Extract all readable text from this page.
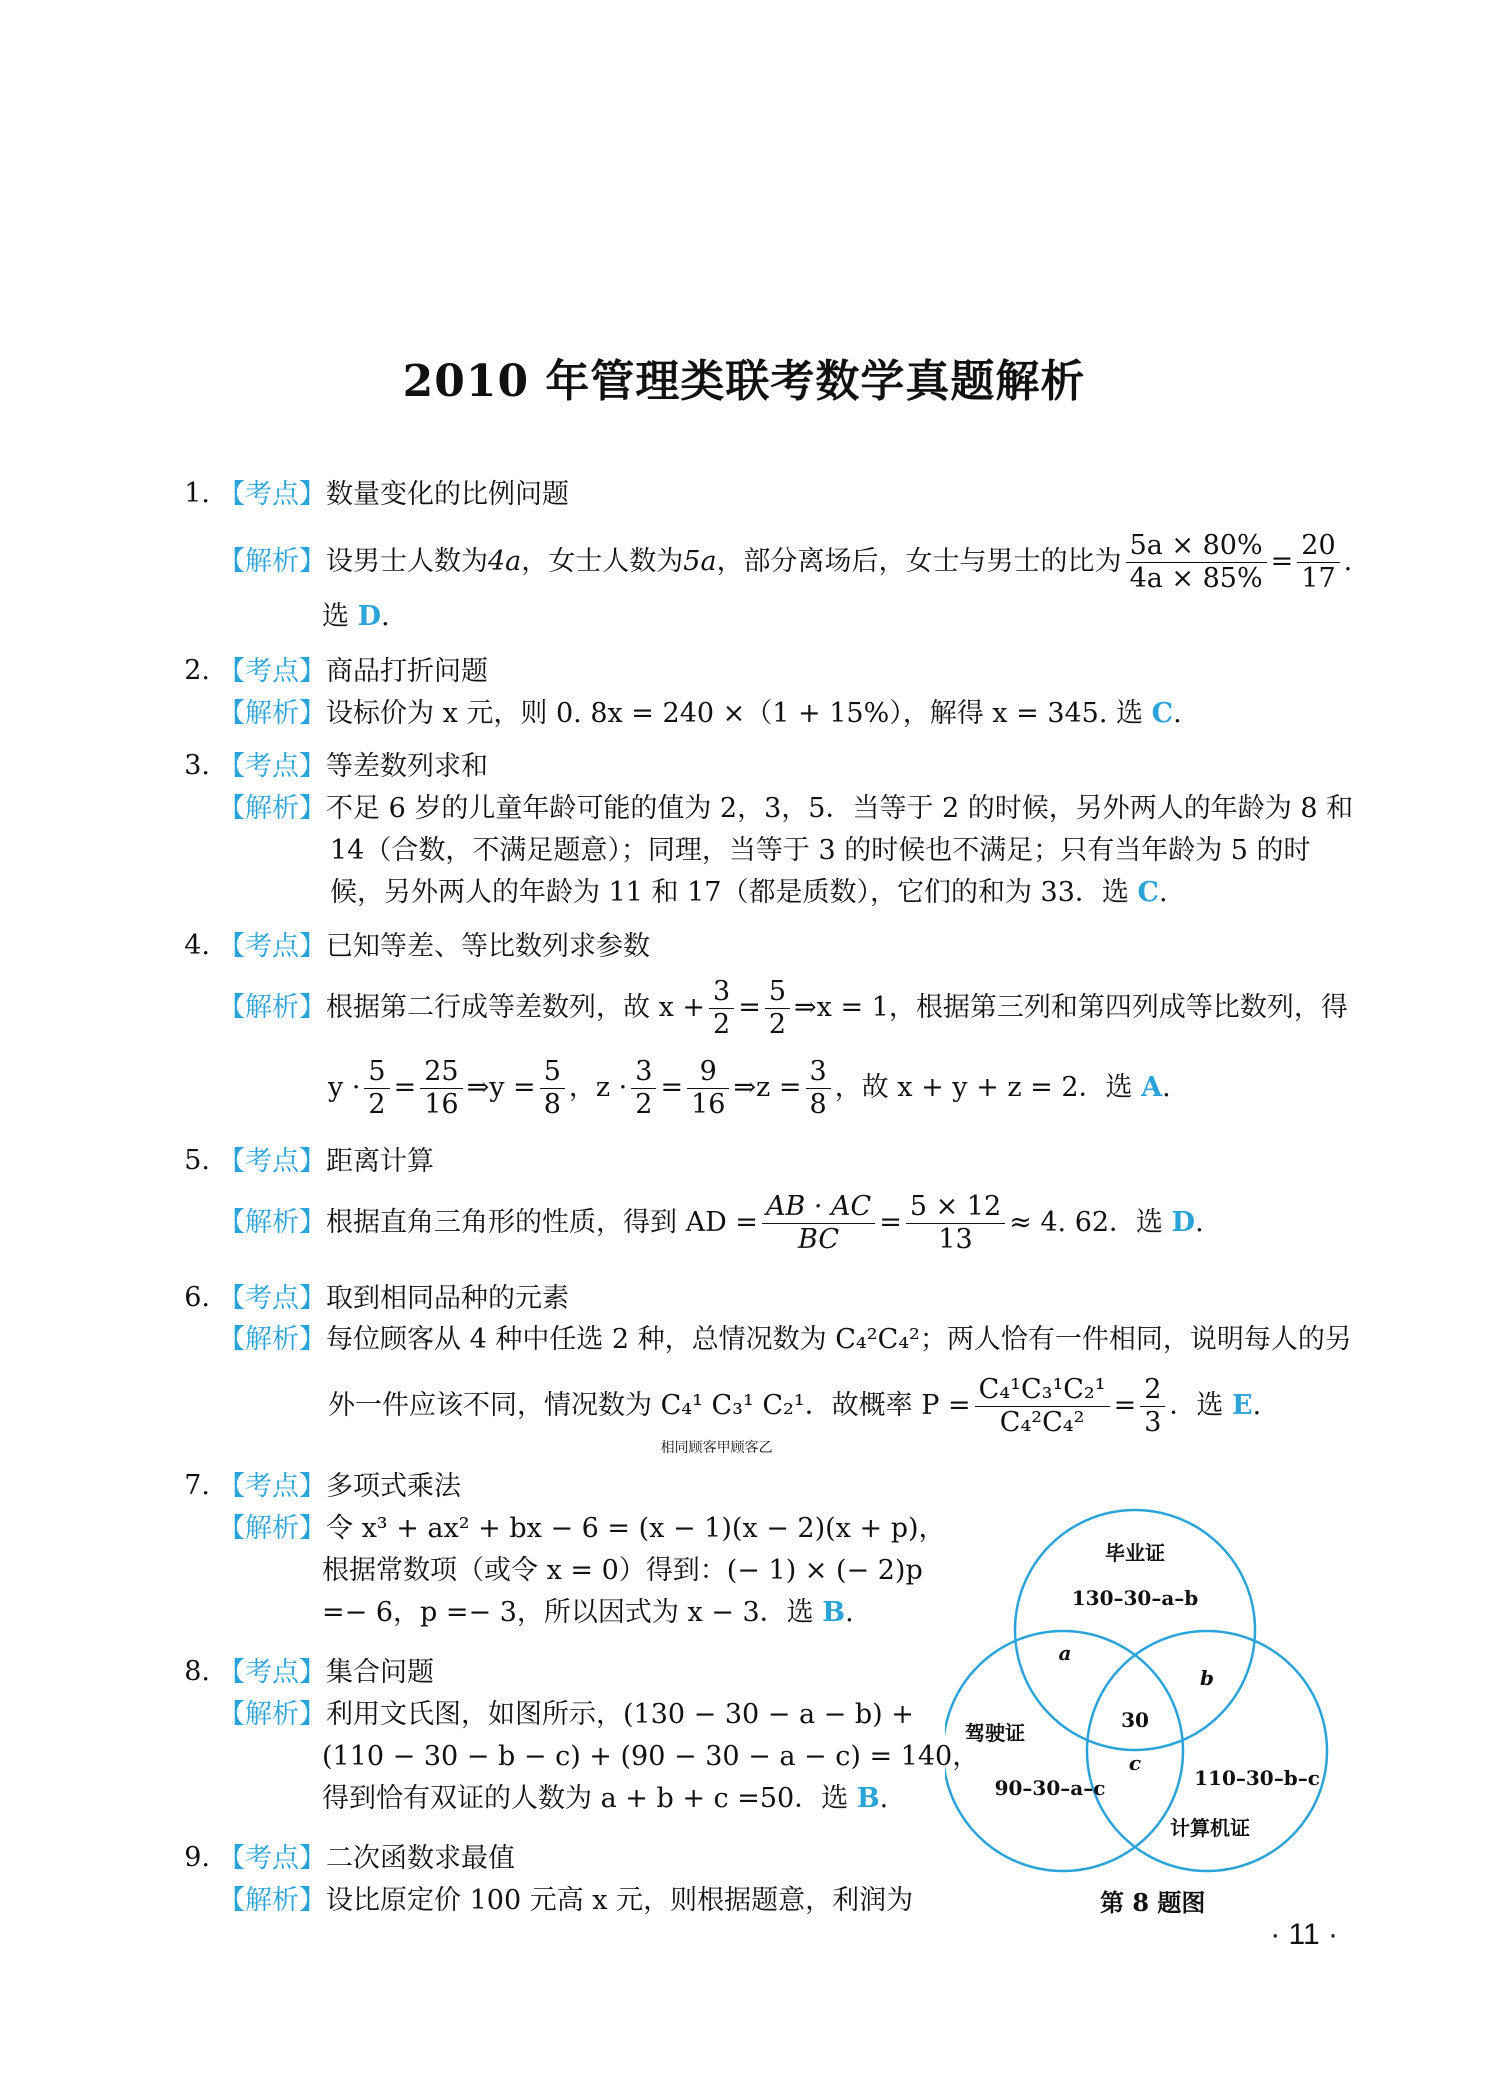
2010 年管理类联考数学真题解析
1. 【考点】数量变化的比例问题
【解析】设男士人数为4a，女士人数为5a，部分离场后，女士与男士的比为 $\frac{5a \times 80\%}{4a \times 85\%} = \frac{20}{17}$ .
选 D.
2. 【考点】商品打折问题
【解析】设标价为 x 元，则 0. 8x = 240 ×（1 + 15%），解得 x = 345. 选 C.
3. 【考点】等差数列求和
【解析】不足 6 岁的儿童年龄可能的值为 2，3，5．当等于 2 的时候，另外两人的年龄为 8 和
14（合数，不满足题意）；同理，当等于 3 的时候也不满足；只有当年龄为 5 的时
候，另外两人的年龄为 11 和 17（都是质数），它们的和为 33．选 C.
4. 【考点】已知等差、等比数列求参数
【解析】根据第二行成等差数列，故 $x + \frac{3}{2} = \frac{5}{2}$ ⇒x = 1，根据第三列和第四列成等比数列，得
$y \cdot \frac{5}{2} = \frac{25}{16}$ ⇒y = $\frac{5}{8}$ ，$z \cdot \frac{3}{2} = \frac{9}{16}$ ⇒z = $\frac{3}{8}$ ，故 x + y + z = 2．选 A.
5. 【考点】距离计算
【解析】根据直角三角形的性质，得到 AD = $\frac{AB \cdot AC}{BC} = \frac{5 \times 12}{13} \approx 4$. 62．选 D.
6. 【考点】取到相同品种的元素
【解析】每位顾客从 4 种中任选 2 种，总情况数为 C₄²C₄²；两人恰有一件相同，说明每人的另
外一件应该不同，情况数为 C₄¹ C₃¹ C₂¹
相同顾客甲顾客乙
．故概率 $P = \frac{\text{C₄¹C₃¹C₂¹}}{\text{C₄²C₄²}} = \frac{2}{3}$ ．选 E.
7. 【考点】多项式乘法
【解析】令 x³ + ax² + bx − 6 = (x − 1)(x − 2)(x + p)，
根据常数项（或令 x = 0）得到：(− 1) × (− 2)p
=− 6，p =− 3，所以因式为 x − 3．选 B.
8. 【考点】集合问题
【解析】利用文氏图，如图所示，(130 − 30 − a − b) +
(110 − 30 − b − c) + (90 − 30 − a − c) = 140，
得到恰有双证的人数为 a + b + c =50．选 B.
9. 【考点】二次函数求最值
【解析】设比原定价 100 元高 x 元，则根据题意，利润为
毕业证
130–30–a–b
a
b
30
c
驾驶证
90–30–a–c	110–30–b–c
计算机证
第 8 题图
· 11 ·
